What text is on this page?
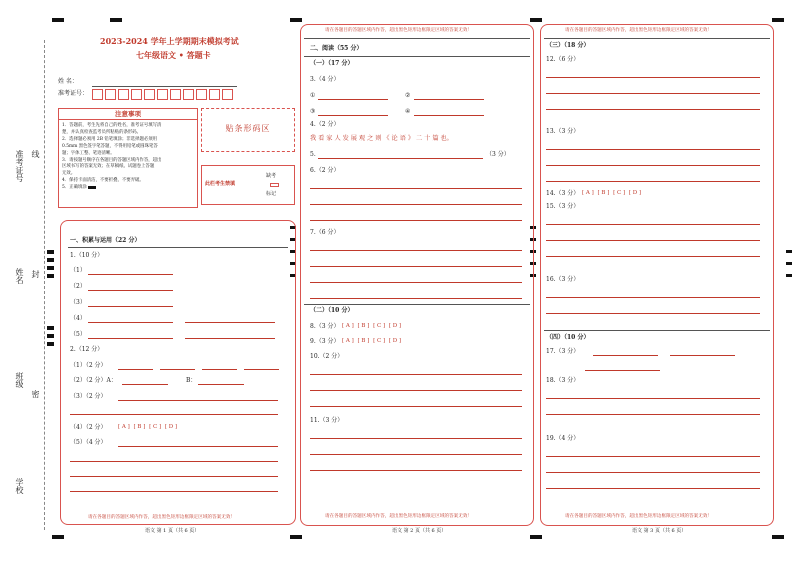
准考证号 线
姓名 封
班级
密
学校
2023-2024 学年上学期期末模拟考试
七年级语文 • 答题卡
姓 名：
准考证号：
注意事项
1．答题前，考生先将自己的姓名，准考证号填写清
楚，并认真检查监考员所粘贴的条形码。
2．选择题必须用 2B 铅笔填涂；非选择题必须用
0.5mm 黑色签字笔答题，不得用铅笔或圆珠笔答
题；字体工整、笔迹清晰。
3．请按题号顺序在各题目的答题区域内作答，超出
区域书写的答案无效；在草稿纸、试题卷上答题
无效。
4．保持卡面清洁，不要折叠、不要弄破。
5．正确填涂
贴条形码区
此栏考生禁填
缺考
标记
一、积累与运用（22 分）
1.（10 分）
（1）
（2）
（3）
（4）
（5）
2.（12 分）
（1）（2 分）
（2）（2 分）A：	B：
（3）（2 分）
（4）（2 分） [ A ] [ B ] [ C ] [ D ]
（5）（4 分）
请在各题目的答题区域内作答，超出黑色矩形边框限定区域的答案无效！
语文 第 1 页（共 6 页）
请在各题目的答题区域内作答，超出黑色矩形边框限定区域的答案无效！
二、阅读（55 分）
（一）（17 分）
3.（4 分）
①	②
③	④
4.（2 分）
我 看 家 人 发 展 观 之 则 《 论 语 》 二 十 篇 也。
5.	（3 分）
6.（2 分）
7.（6 分）
（二）（10 分）
8.（3 分） [ A ] [ B ] [ C ] [ D ]
9.（3 分） [ A ] [ B ] [ C ] [ D ]
10.（2 分）
11.（3 分）
请在各题目的答题区域内作答，超出黑色矩形边框限定区域的答案无效！
语文 第 2 页（共 6 页）
请在各题目的答题区域内作答，超出黑色矩形边框限定区域的答案无效！
（三）（18 分）
12.（6 分）
13.（3 分）
14.（3 分） [ A ] [ B ] [ C ] [ D ]
15.（3 分）
16.（3 分）
（四）（10 分）
17.（3 分）
18.（3 分）
19.（4 分）
请在各题目的答题区域内作答，超出黑色矩形边框限定区域的答案无效！
语文 第 3 页（共 6 页）
